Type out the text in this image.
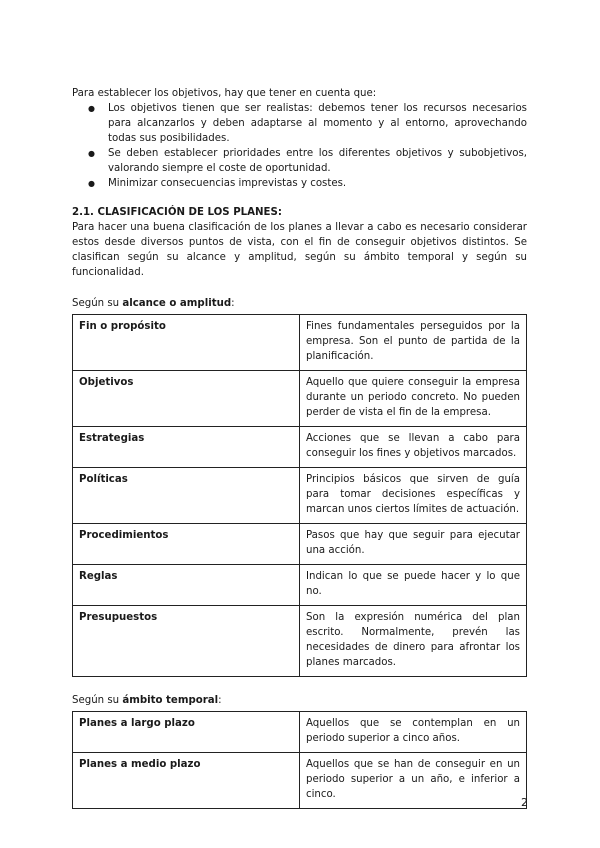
Para establecer los objetivos, hay que tener en cuenta que:

● Los objetivos tienen que ser realistas: debemos tener los recursos necesarios para alcanzarlos y deben adaptarse al momento y al entorno, aprovechando todas sus posibilidades.
● Se deben establecer prioridades entre los diferentes objetivos y subobjetivos, valorando siempre el coste de oportunidad.
● Minimizar consecuencias imprevistas y costes.

2.1. CLASIFICACIÓN DE LOS PLANES:

Para hacer una buena clasificación de los planes a llevar a cabo es necesario considerar estos desde diversos puntos de vista, con el fin de conseguir objetivos distintos. Se clasifican según su alcance y amplitud, según su ámbito temporal y según su funcionalidad.

Según su alcance o amplitud:

Fin o propósito	Fines fundamentales perseguidos por la empresa. Son el punto de partida de la planificación.
Objetivos	Aquello que quiere conseguir la empresa durante un periodo concreto. No pueden perder de vista el fin de la empresa.
Estrategias	Acciones que se llevan a cabo para conseguir los fines y objetivos marcados.
Políticas	Principios básicos que sirven de guía para tomar decisiones específicas y marcan unos ciertos límites de actuación.
Procedimientos	Pasos que hay que seguir para ejecutar una acción.
Reglas	Indican lo que se puede hacer y lo que no.
Presupuestos	Son la expresión numérica del plan escrito. Normalmente, prevén las necesidades de dinero para afrontar los planes marcados.

Según su ámbito temporal:

Planes a largo plazo	Aquellos que se contemplan en un periodo superior a cinco años.
Planes a medio plazo	Aquellos que se han de conseguir en un periodo superior a un año, e inferior a cinco.
2
